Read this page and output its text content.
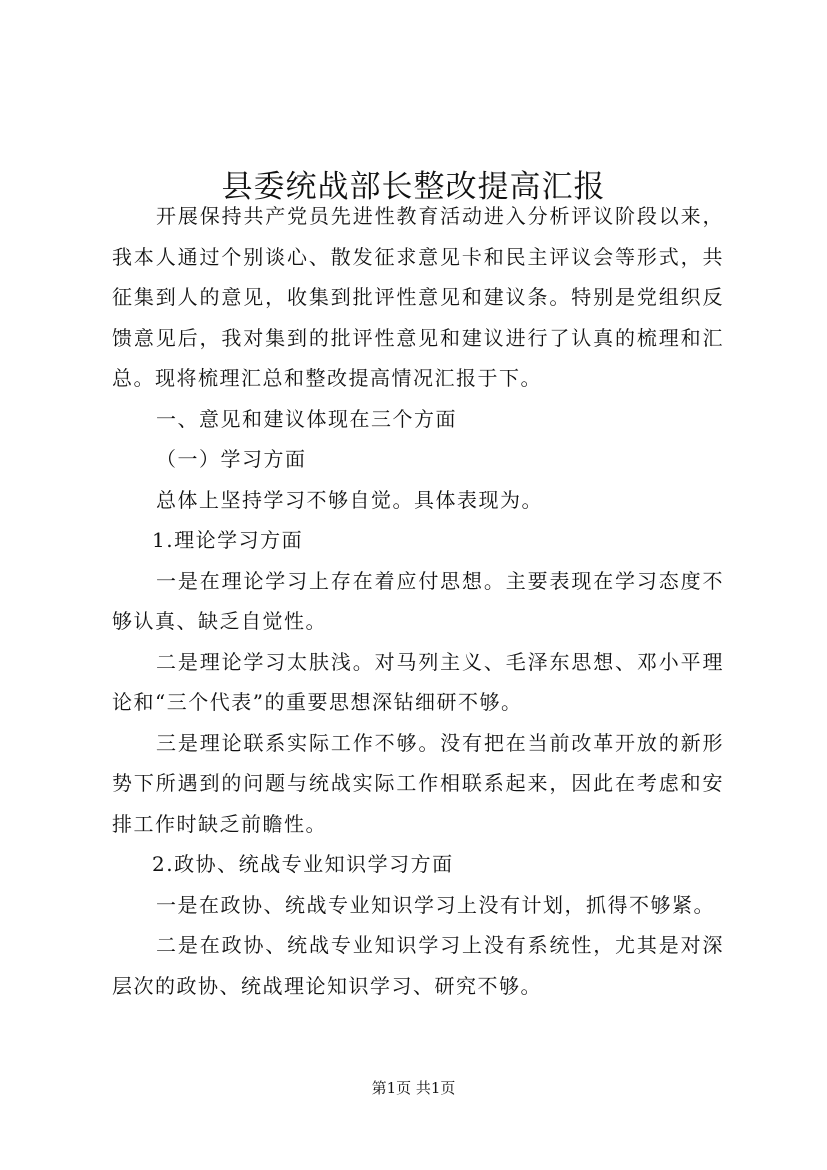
县委统战部长整改提高汇报

开展保持共产党员先进性教育活动进入分析评议阶段以来，我本人通过个别谈心、散发征求意见卡和民主评议会等形式，共征集到人的意见，收集到批评性意见和建议条。特别是党组织反馈意见后，我对集到的批评性意见和建议进行了认真的梳理和汇总。现将梳理汇总和整改提高情况汇报于下。

一、意见和建议体现在三个方面

（一）学习方面

总体上坚持学习不够自觉。具体表现为。

1.理论学习方面

一是在理论学习上存在着应付思想。主要表现在学习态度不够认真、缺乏自觉性。

二是理论学习太肤浅。对马列主义、毛泽东思想、邓小平理论和“三个代表”的重要思想深钻细研不够。

三是理论联系实际工作不够。没有把在当前改革开放的新形势下所遇到的问题与统战实际工作相联系起来，因此在考虑和安排工作时缺乏前瞻性。

2.政协、统战专业知识学习方面

一是在政协、统战专业知识学习上没有计划，抓得不够紧。

二是在政协、统战专业知识学习上没有系统性，尤其是对深层次的政协、统战理论知识学习、研究不够。

第1页 共1页
